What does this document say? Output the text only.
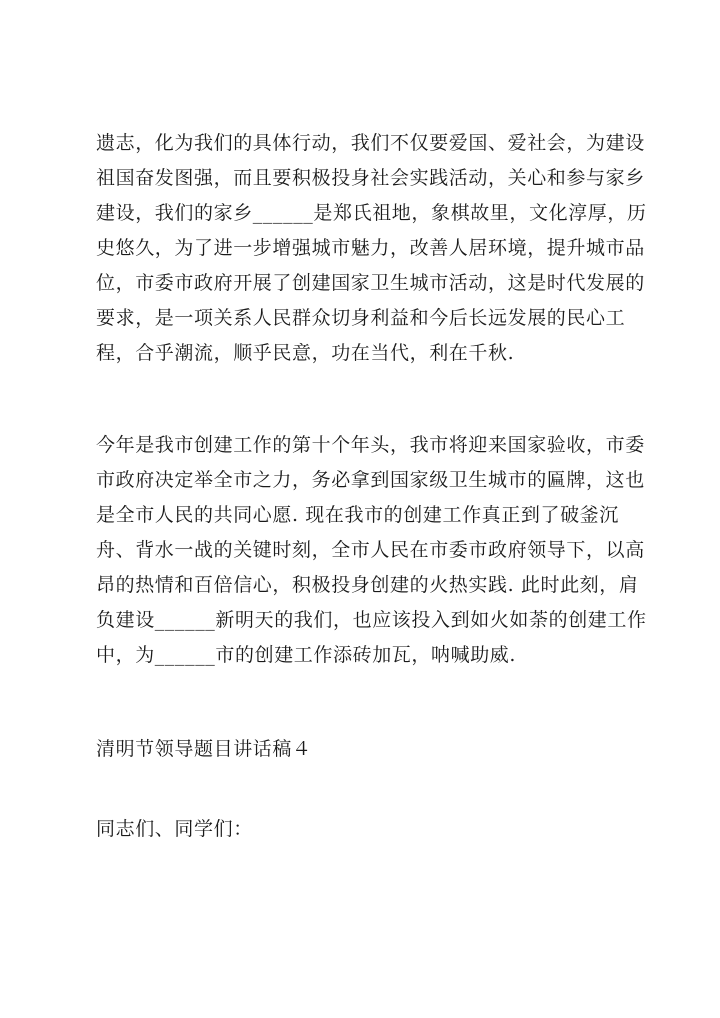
遗志，化为我们的具体行动，我们不仅要爱国、爱社会，为建设
祖国奋发图强，而且要积极投身社会实践活动，关心和参与家乡
建设，我们的家乡______是郑氏祖地，象棋故里，文化淳厚，历
史悠久，为了进一步增强城市魅力，改善人居环境，提升城市品
位，市委市政府开展了创建国家卫生城市活动，这是时代发展的
要求，是一项关系人民群众切身利益和今后长远发展的民心工
程，合乎潮流，顺乎民意，功在当代，利在千秋.
今年是我市创建工作的第十个年头，我市将迎来国家验收，市委
市政府决定举全市之力，务必拿到国家级卫生城市的匾牌，这也
是全市人民的共同心愿. 现在我市的创建工作真正到了破釜沉
舟、背水一战的关键时刻，全市人民在市委市政府领导下，以高
昂的热情和百倍信心，积极投身创建的火热实践. 此时此刻，肩
负建设______新明天的我们，也应该投入到如火如荼的创建工作
中，为______市的创建工作添砖加瓦，呐喊助威.
清明节领导题目讲话稿４
同志们、同学们：
